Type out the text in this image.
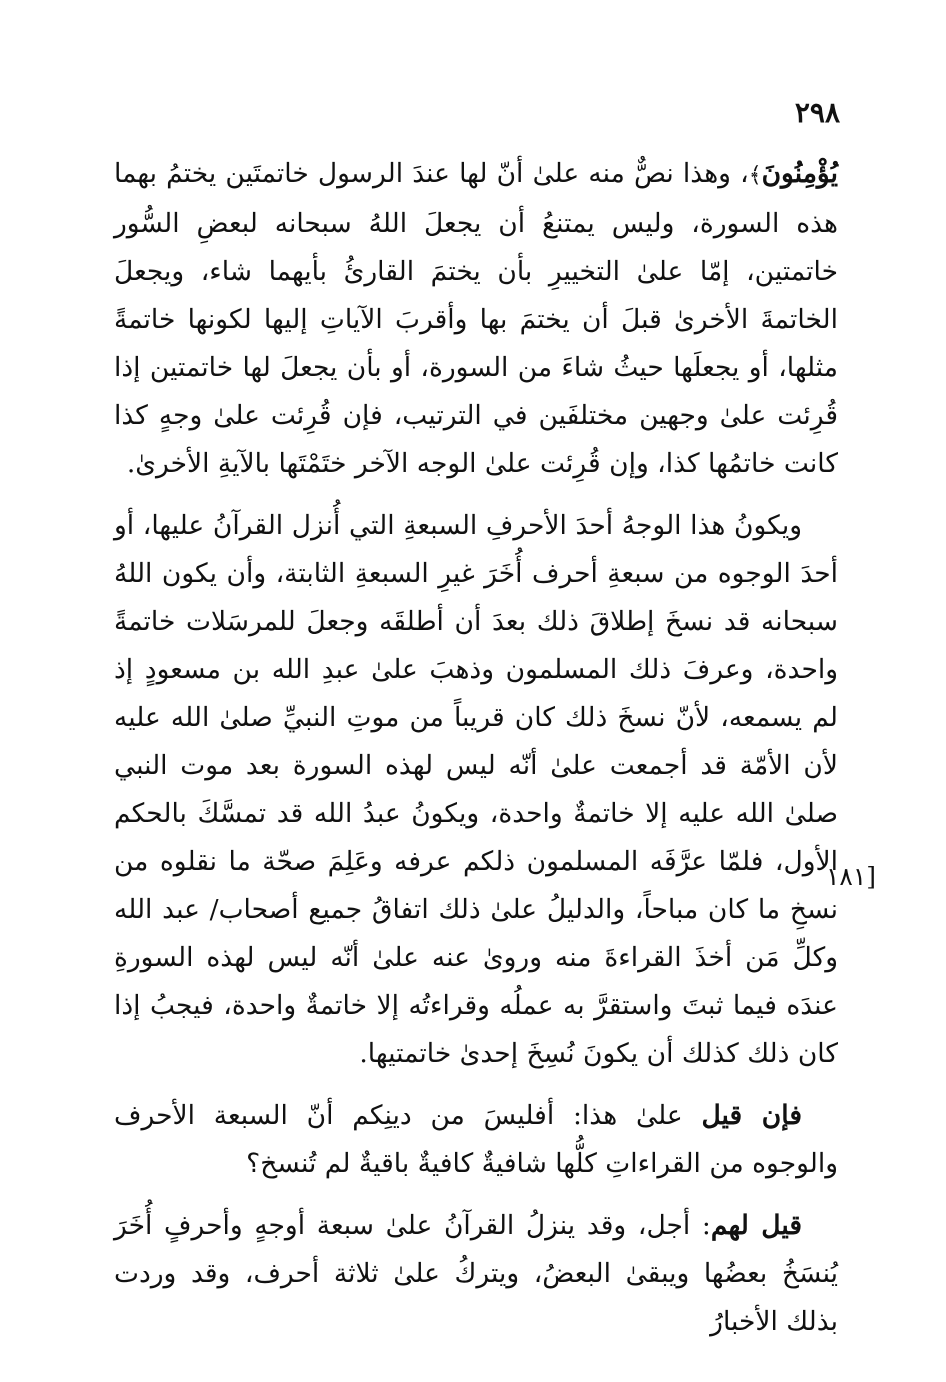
٢٩٨

يُؤْمِنُونَ﴾، وهذا نصٌّ منه علىٰ أنّ لها عندَ الرسول خاتمتَين يختمُ بهما هذه السورة، وليس يمتنعُ أن يجعلَ اللهُ سبحانه لبعضِ السُّور خاتمتين، إمّا علىٰ التخييرِ بأن يختمَ القارئُ بأيهما شاء، ويجعلَ الخاتمةَ الأخرىٰ قبلَ أن يختمَ بها وأقربَ الآياتِ إليها لكونها خاتمةً مثلها، أو يجعلَها حيثُ شاءَ من السورة، أو بأن يجعلَ لها خاتمتين إذا قُرِئت علىٰ وجهين مختلفَين في الترتيب، فإن قُرِئت علىٰ وجهٍ كذا كانت خاتمُها كذا، وإن قُرِئت علىٰ الوجه الآخر ختَمْتَها بالآيةِ الأخرىٰ.

ويكونُ هذا الوجهُ أحدَ الأحرفِ السبعةِ التي أُنزل القرآنُ عليها، أو أحدَ الوجوه من سبعةِ أحرف أُخَرَ غيرِ السبعةِ الثابتة، وأن يكون اللهُ سبحانه قد نسخَ إطلاقَ ذلك بعدَ أن أطلقَه وجعلَ للمرسَلات خاتمةً واحدة، وعرفَ ذلك المسلمون وذهبَ علىٰ عبدِ الله بن مسعودٍ إذ لم يسمعه، لأنّ نسخَ ذلك كان قريباً من موتِ النبيِّ صلىٰ الله عليه لأن الأمّة قد أجمعت علىٰ أنّه ليس لهذه السورة بعد موت النبي صلىٰ الله عليه إلا خاتمةٌ واحدة، ويكونُ عبدُ الله قد تمسَّكَ بالحكم الأول، فلمّا عرَّفَه المسلمون ذلكم عرفه وعَلِمَ صحّة ما نقلوه من نسخِ ما كان مباحاً، والدليلُ علىٰ ذلك اتفاقُ جميع أصحاب/ عبد الله وكلِّ مَن أخذَ القراءةَ منه وروىٰ عنه علىٰ أنّه ليس لهذه السورةِ عندَه فيما ثبتَ واستقرَّ به عملُه وقراءتُه إلا خاتمةٌ واحدة، فيجبُ إذا كان ذلك كذلك أن يكونَ نُسِخَ إحدىٰ خاتمتيها.

فإن قيل علىٰ هذا: أفليسَ من دينِكم أنّ السبعة الأحرف والوجوه من القراءاتِ كلُّها شافيةٌ كافيةٌ باقيةٌ لم تُنسخ؟

قيل لهم: أجل، وقد ينزلُ القرآنُ علىٰ سبعة أوجهٍ وأحرفٍ أُخَرَ يُنسَخُ بعضُها ويبقىٰ البعضُ، ويتركُ علىٰ ثلاثة أحرف، وقد وردت بذلك الأخبارُ

[١٨١
